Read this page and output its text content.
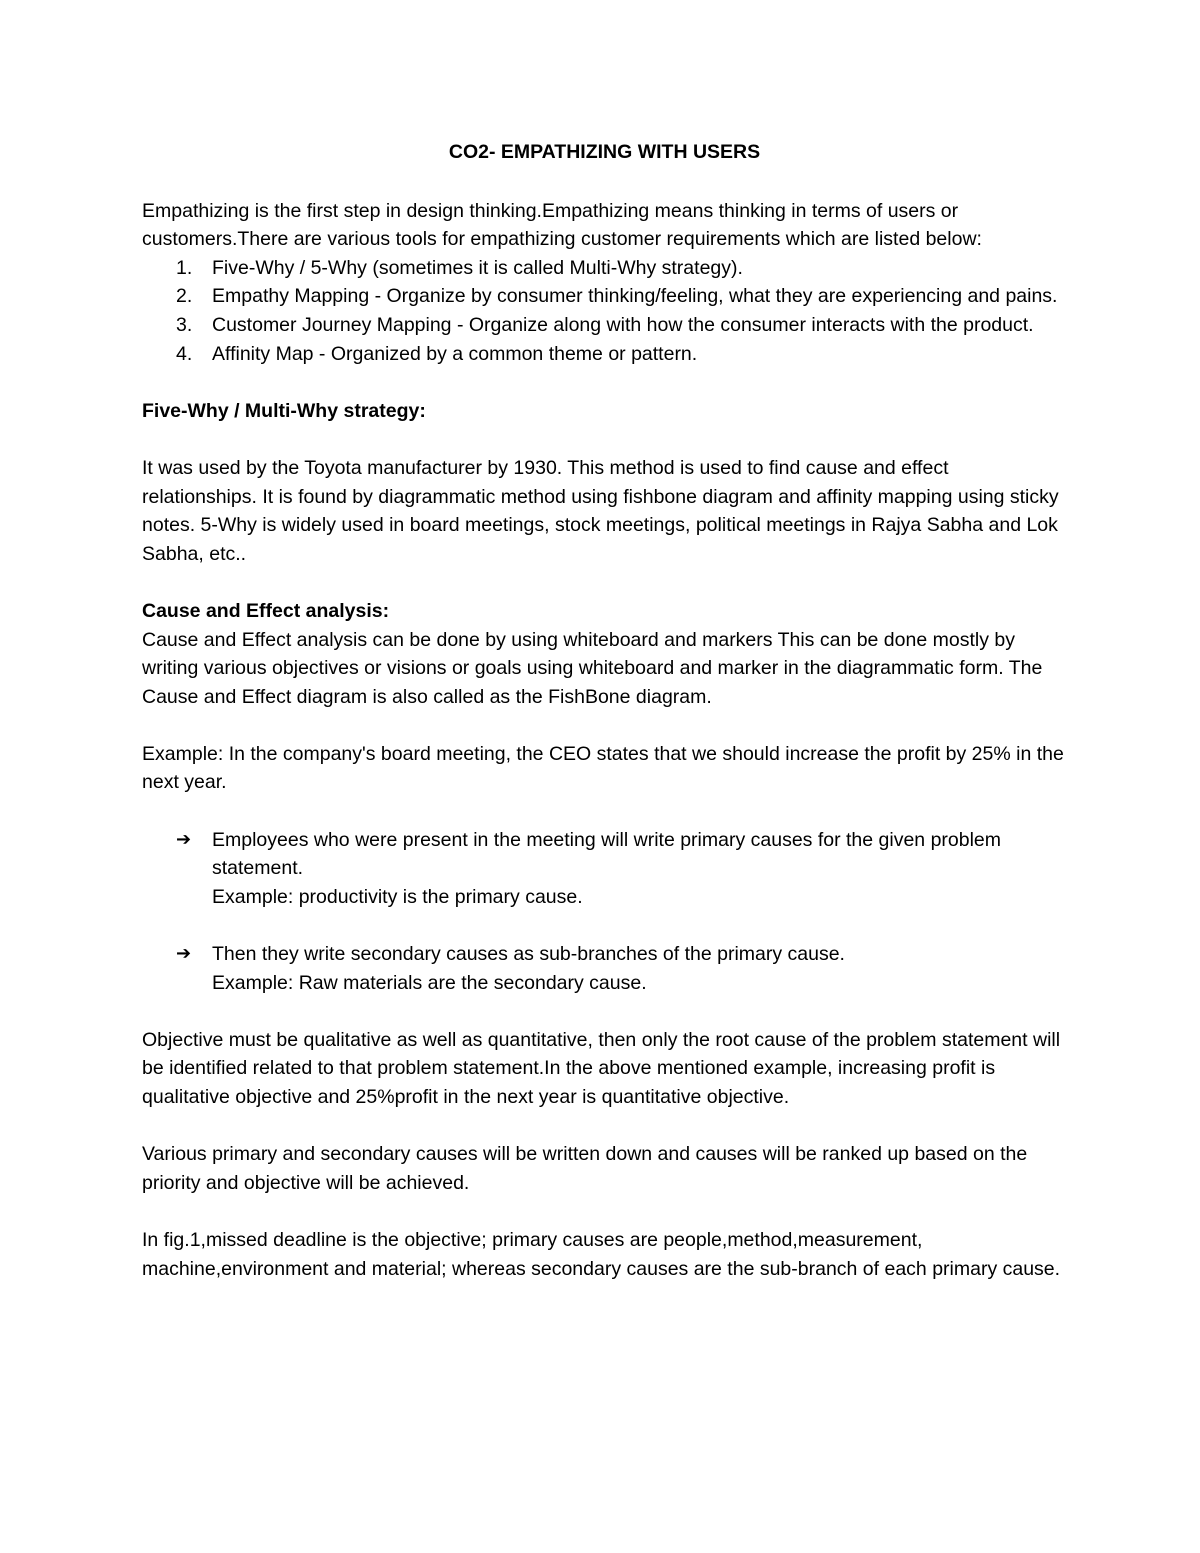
CO2- EMPATHIZING WITH USERS

Empathizing is the first step in design thinking.Empathizing means thinking in terms of users or customers.There are various tools for empathizing customer requirements which are listed below:

1. Five-Why / 5-Why (sometimes it is called Multi-Why strategy).
2. Empathy Mapping - Organize by consumer thinking/feeling, what they are experiencing and pains.
3. Customer Journey Mapping - Organize along with how the consumer interacts with the product.
4. Affinity Map - Organized by a common theme or pattern.

Five-Why / Multi-Why strategy:

It was used by the Toyota manufacturer by 1930. This method is used to find cause and effect relationships. It is found by diagrammatic method using fishbone diagram and affinity mapping using sticky notes. 5-Why is widely used in board meetings, stock meetings, political meetings in Rajya Sabha and Lok Sabha, etc..

Cause and Effect analysis:

Cause and Effect analysis can be done by using whiteboard and markers This can be done mostly by writing various objectives or visions or goals using whiteboard and marker in the diagrammatic form. The Cause and Effect diagram is also called as the FishBone diagram.

Example: In the company's board meeting, the CEO states that we should increase the profit by 25% in the next year.

➔ Employees who were present in the meeting will write primary causes for the given problem statement.
Example: productivity is the primary cause.
➔ Then they write secondary causes as sub-branches of the primary cause.
Example: Raw materials are the secondary cause.

Objective must be qualitative as well as quantitative, then only the root cause of the problem statement will be identified related to that problem statement.In the above mentioned example, increasing profit is qualitative objective and 25%profit in the next year is quantitative objective.

Various primary and secondary causes will be written down and causes will be ranked up based on the priority and objective will be achieved.

In fig.1,missed deadline is the objective; primary causes are people,method,measurement, machine,environment and material; whereas secondary causes are the sub-branch of each primary cause.
